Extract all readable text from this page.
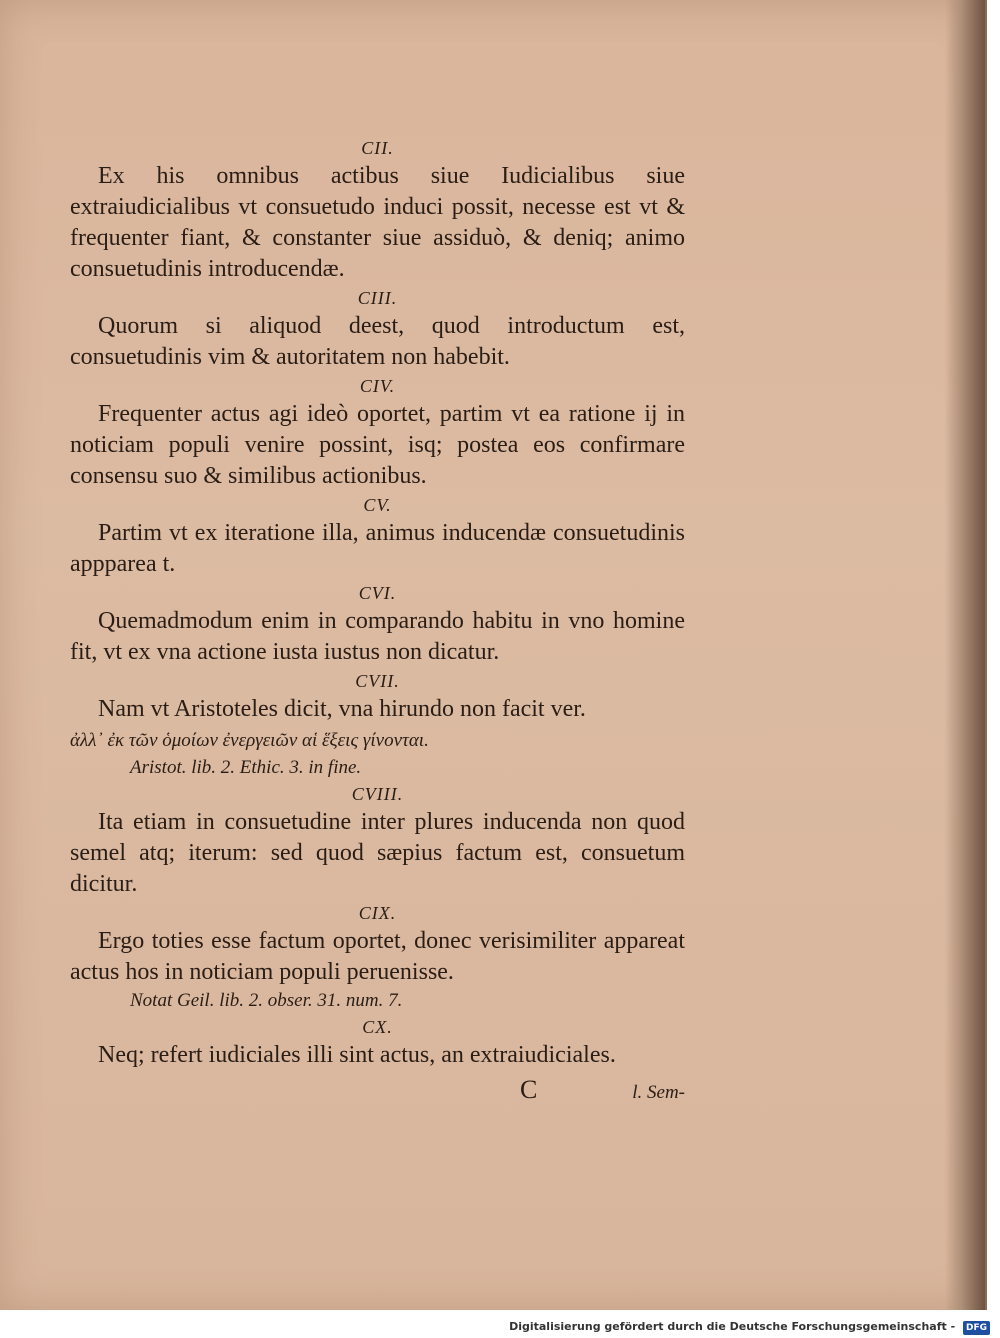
CII.

Ex his omnibus actibus siue Iudicialibus siue extraiudicialibus vt consuetudo induci possit, necesse est vt & frequenter fiant, & constanter siue assiduò, & deniq; animo consuetudinis introducendæ.

CIII.

Quorum si aliquod deest, quod introductum est, consuetudinis vim & autoritatem non habebit.

CIV.

Frequenter actus agi ideò oportet, partim vt ea ratione ij in noticiam populi venire possint, isq; postea eos confirmare consensu suo & similibus actionibus.

CV.

Partim vt ex iteratione illa, animus inducendæ consuetudinis appparea t.

CVI.

Quemadmodum enim in comparando habitu in vno homine fit, vt ex vna actione iusta iustus non dicatur.

CVII.

Nam vt Aristoteles dicit, vna hirundo non facit ver.

ἀλλ᾽ ἐκ τῶν ὁμοίων ἐνεργειῶν αἱ ἕξεις γίνονται.

Aristot. lib. 2. Ethic. 3. in fine.

CVIII.

Ita etiam in consuetudine inter plures inducenda non quod semel atq; iterum: sed quod sæpius factum est, consuetum dicitur.

CIX.

Ergo toties esse factum oportet, donec verisimiliter appareat actus hos in noticiam populi peruenisse.

Notat Geil. lib. 2. obser. 31. num. 7.

CX.

Neq; refert iudiciales illi sint actus, an extraiudiciales.

C	l. Sem-
Digitalisierung gefördert durch die Deutsche Forschungsgemeinschaft - DFG
